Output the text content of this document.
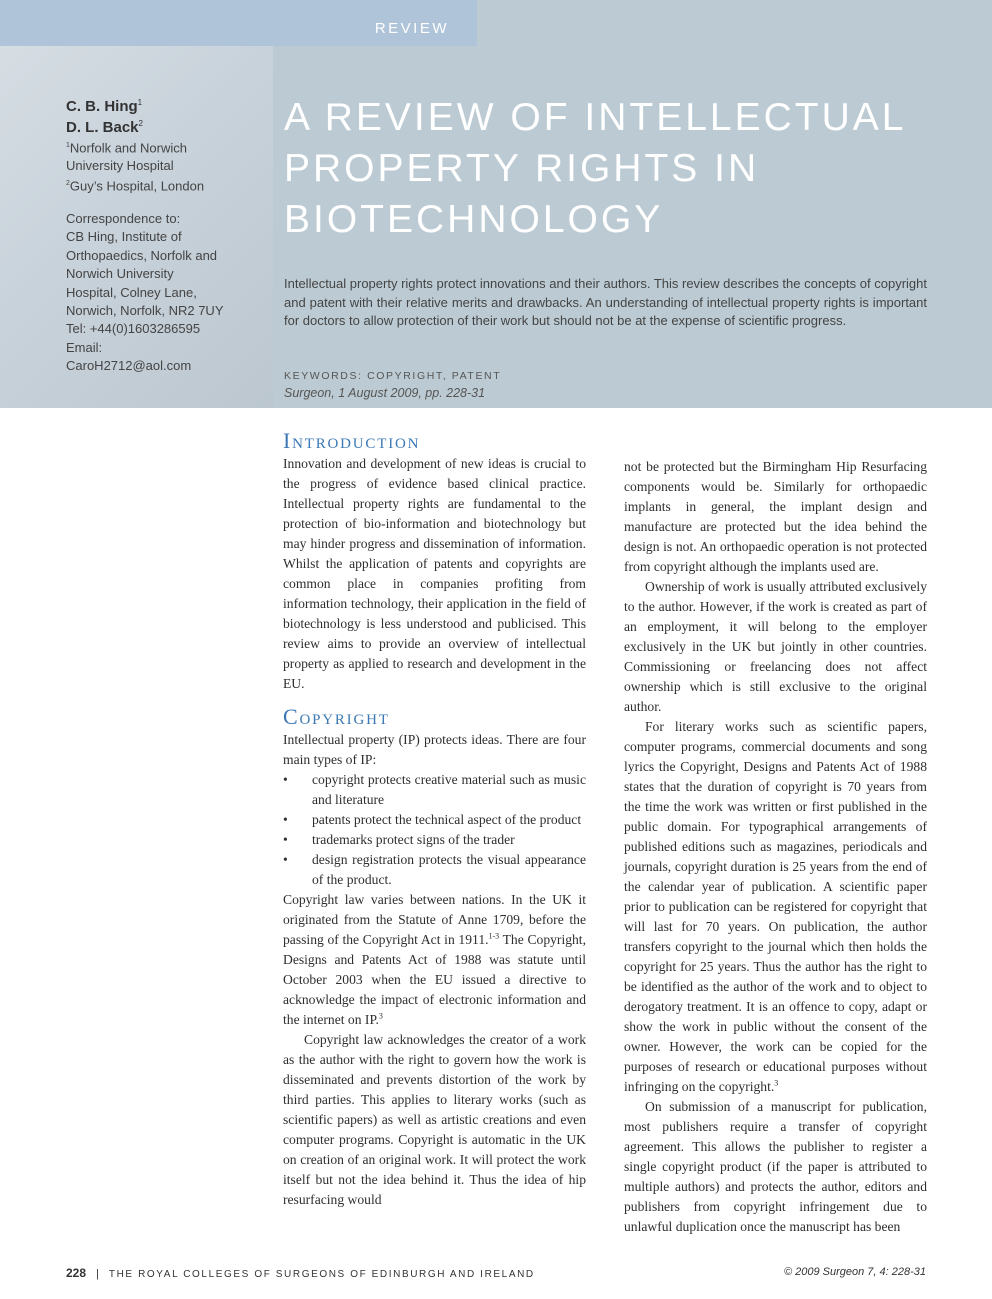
REVIEW
C. B. Hing$^1$
D. L. Back$^2$
$^1$Norfolk and Norwich
University Hospital
$^2$Guy’s Hospital, London
Correspondence to:
CB Hing, Institute of
Orthopaedics, Norfolk and
Norwich University
Hospital, Colney Lane,
Norwich, Norfolk, NR2 7UY
Tel: +44(0)1603286595
Email:
CaroH2712@aol.com
A REVIEW OF INTELLECTUAL PROPERTY RIGHTS IN BIOTECHNOLOGY

Intellectual property rights protect innovations and their authors. This review describes the concepts of copyright and patent with their relative merits and drawbacks. An understanding of intellectual property rights is important for doctors to allow protection of their work but should not be at the expense of scientific progress.

KEYWORDS: COPYRIGHT, PATENT
Surgeon, 1 August 2009, pp. 228-31
Introduction

Innovation and development of new ideas is crucial to the progress of evidence based clinical practice. Intellectual property rights are fundamental to the protection of bio-information and biotechnology but may hinder progress and dissemination of information. Whilst the application of patents and copyrights are common place in companies profiting from information technology, their application in the field of biotechnology is less understood and publicised. This review aims to provide an overview of intellectual property as applied to research and development in the EU.

Copyright

Intellectual property (IP) protects ideas. There are four main types of IP:

• copyright protects creative material such as music and literature
• patents protect the technical aspect of the product
• trademarks protect signs of the trader
• design registration protects the visual appearance of the product.

Copyright law varies between nations. In the UK it originated from the Statute of Anne 1709, before the passing of the Copyright Act in 1911.$^{1-3}$ The Copyright, Designs and Patents Act of 1988 was statute until October 2003 when the EU issued a directive to acknowledge the impact of electronic information and the internet on IP.$^3$

Copyright law acknowledges the creator of a work as the author with the right to govern how the work is disseminated and prevents distortion of the work by third parties. This applies to literary works (such as scientific papers) as well as artistic creations and even computer programs. Copyright is automatic in the UK on creation of an original work. It will protect the work itself but not the idea behind it. Thus the idea of hip resurfacing would

not be protected but the Birmingham Hip Resurfacing components would be. Similarly for orthopaedic implants in general, the implant design and manufacture are protected but the idea behind the design is not. An orthopaedic operation is not protected from copyright although the implants used are.

Ownership of work is usually attributed exclusively to the author. However, if the work is created as part of an employment, it will belong to the employer exclusively in the UK but jointly in other countries. Commissioning or freelancing does not affect ownership which is still exclusive to the original author.

For literary works such as scientific papers, computer programs, commercial documents and song lyrics the Copyright, Designs and Patents Act of 1988 states that the duration of copyright is 70 years from the time the work was written or first published in the public domain. For typographical arrangements of published editions such as magazines, periodicals and journals, copyright duration is 25 years from the end of the calendar year of publication. A scientific paper prior to publication can be registered for copyright that will last for 70 years. On publication, the author transfers copyright to the journal which then holds the copyright for 25 years. Thus the author has the right to be identified as the author of the work and to object to derogatory treatment. It is an offence to copy, adapt or show the work in public without the consent of the owner. However, the work can be copied for the purposes of research or educational purposes without infringing on the copyright.$^3$

On submission of a manuscript for publication, most publishers require a transfer of copyright agreement. This allows the publisher to register a single copyright product (if the paper is attributed to multiple authors) and protects the author, editors and publishers from copyright infringement due to unlawful duplication once the manuscript has been

228 | THE ROYAL COLLEGES OF SURGEONS OF EDINBURGH AND IRELAND	© 2009 Surgeon 7, 4: 228-31
